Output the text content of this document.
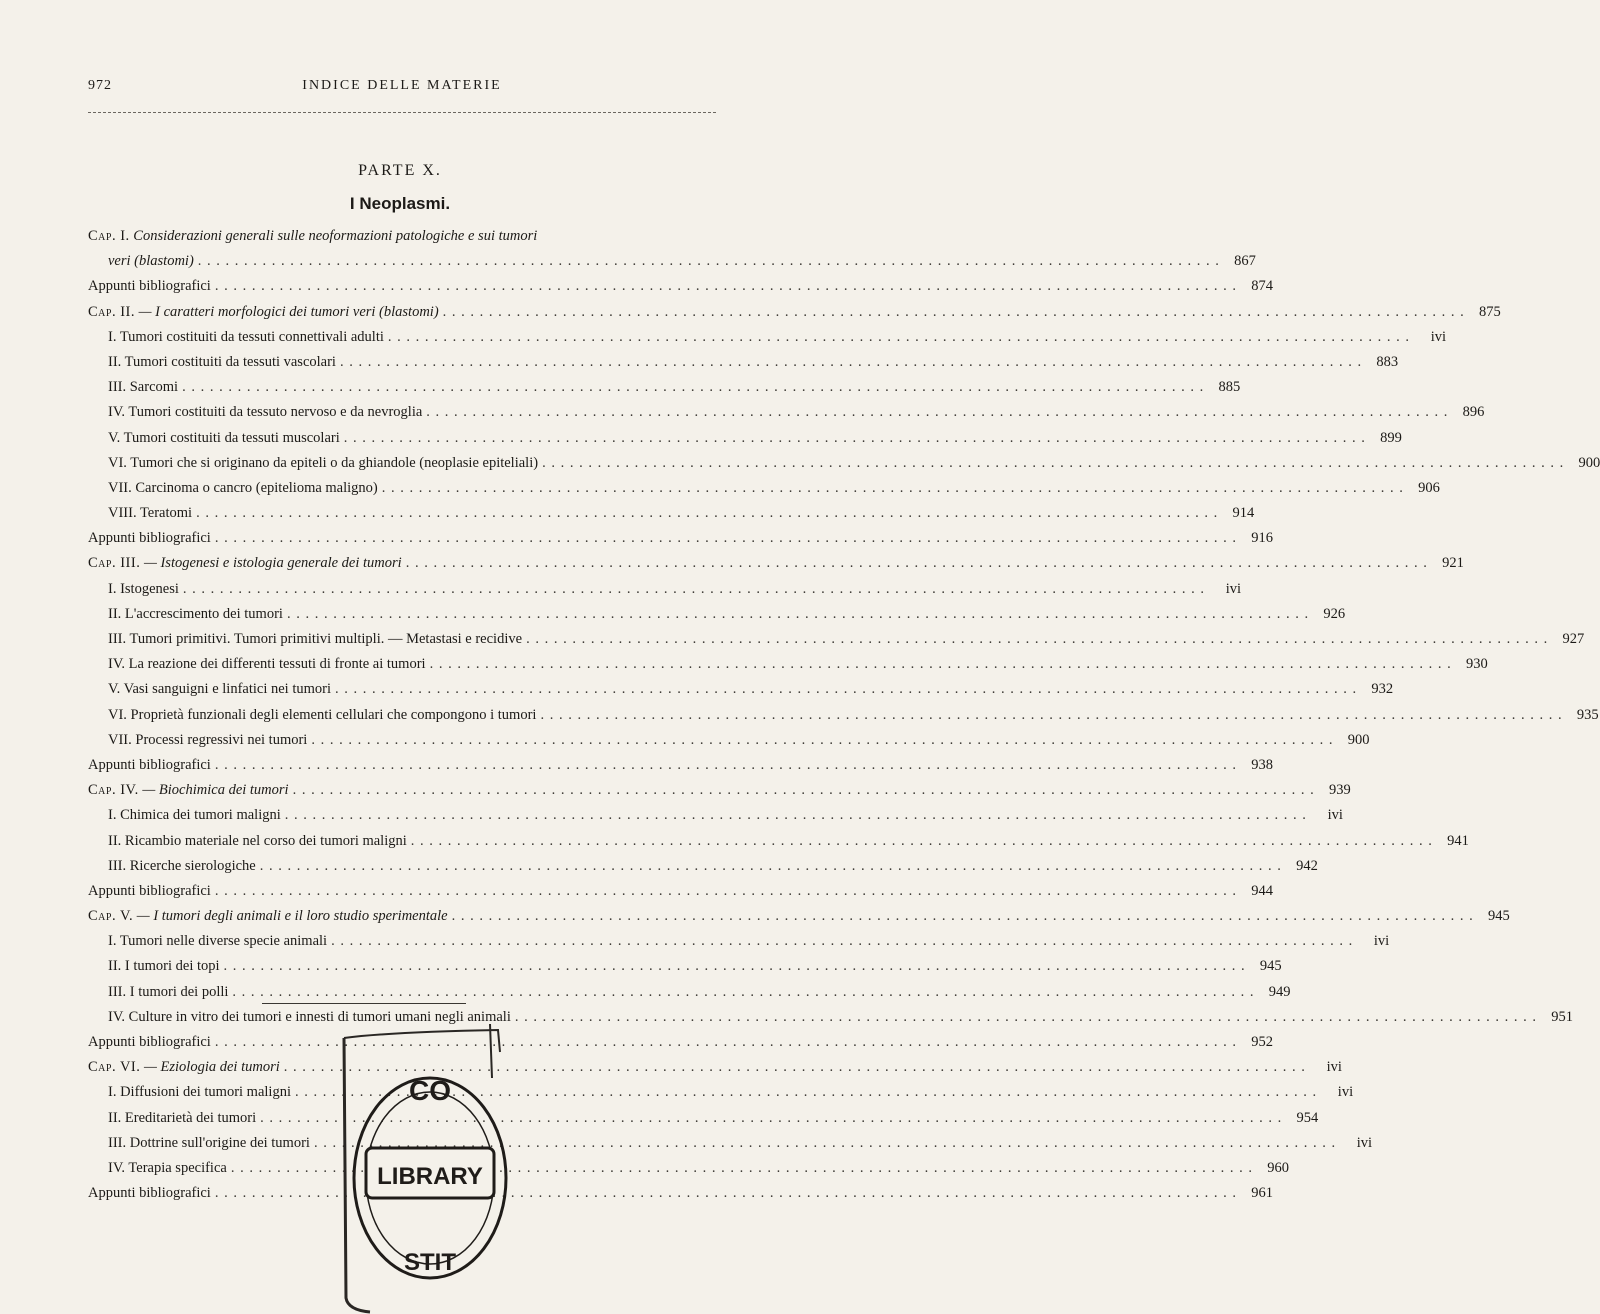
972	INDICE DELLE MATERIE
PARTE X.
I Neoplasmi.
Cap. I. Considerazioni generali sulle neoformazioni patologiche e sui tumori
veri (blastomi) . . .	867
Appunti bibliografici . . .	874
Cap. II. — I caratteri morfologici dei tumori veri (blastomi) . . .	875
I. Tumori costituiti da tessuti connettivali adulti . . .	ivi
II. Tumori costituiti da tessuti vascolari . . .	883
III. Sarcomi . . .	885
IV. Tumori costituiti da tessuto nervoso e da nevroglia . . .	896
V. Tumori costituiti da tessuti muscolari . . .	899
VI. Tumori che si originano da epiteli o da ghiandole (neoplasie epiteliali) . . .	900
VII. Carcinoma o cancro (epitelioma maligno) . . .	906
VIII. Teratomi . . .	914
Appunti bibliografici . . .	916
Cap. III. — Istogenesi e istologia generale dei tumori . . .	921
I. Istogenesi . . .	ivi
II. L'accrescimento dei tumori . . .	926
III. Tumori primitivi. Tumori primitivi multipli. — Metastasi e recidive . . .	927
IV. La reazione dei differenti tessuti di fronte ai tumori . . .	930
V. Vasi sanguigni e linfatici nei tumori . . .	932
VI. Proprietà funzionali degli elementi cellulari che compongono i tumori . . .	935
VII. Processi regressivi nei tumori . . .	900
Appunti bibliografici . . .	938
Cap. IV. — Biochimica dei tumori . . .	939
I. Chimica dei tumori maligni . . .	ivi
II. Ricambio materiale nel corso dei tumori maligni . . .	941
III. Ricerche sierologiche . . .	942
Appunti bibliografici . . .	944
Cap. V. — I tumori degli animali e il loro studio sperimentale . . .	945
I. Tumori nelle diverse specie animali . . .	ivi
II. I tumori dei topi . . .	945
III. I tumori dei polli . . .	949
IV. Culture in vitro dei tumori e innesti di tumori umani negli animali . . .	951
Appunti bibliografici . . .	952
Cap. VI. — Eziologia dei tumori . . .	ivi
I. Diffusioni dei tumori maligni . . .	ivi
II. Ereditarietà dei tumori . . .	954
III. Dottrine sull'origine dei tumori . . .	ivi
IV. Terapia specifica . . .	960
Appunti bibliografici . . .	961
CO
LIBRARY
STIT
